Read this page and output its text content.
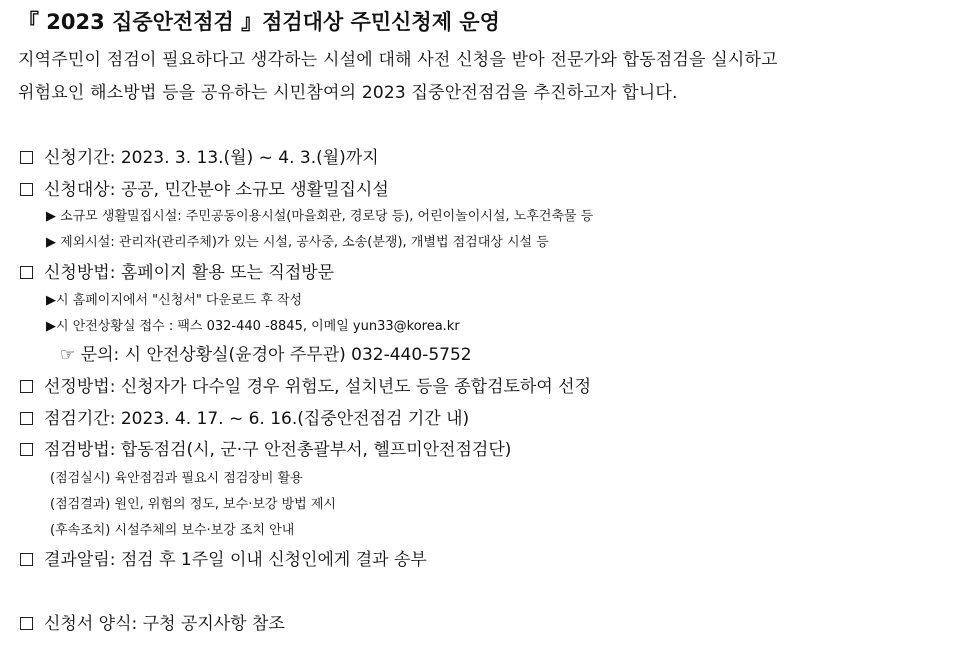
『 2023 집중안전점검 』점검대상 주민신청제 운영
지역주민이 점검이 필요하다고 생각하는 시설에 대해 사전 신청을 받아 전문가와 합동점검을 실시하고
위험요인 해소방법 등을 공유하는 시민참여의 2023 집중안전점검을 추진하고자 합니다.
신청기간: 2023. 3. 13.(월) ~ 4. 3.(월)까지
신청대상: 공공, 민간분야 소규모 생활밀집시설
▶ 소규모 생활밀집시설: 주민공동이용시설(마을회관, 경로당 등), 어린이놀이시설, 노후건축물 등
▶ 제외시설: 관리자(관리주체)가 있는 시설, 공사중, 소송(분쟁), 개별법 점검대상 시설 등
신청방법: 홈페이지 활용 또는 직접방문
▶시 홈페이지에서 "신청서" 다운로드 후 작성
▶시 안전상황실 접수 : 팩스 032-440 -8845, 이메일 yun33@korea.kr
☞ 문의: 시 안전상황실(윤경아 주무관) 032-440-5752
선정방법: 신청자가 다수일 경우 위험도, 설치년도 등을 종합검토하여 선정
점검기간: 2023. 4. 17. ~ 6. 16.(집중안전점검 기간 내)
점검방법: 합동점검(시, 군·구 안전총괄부서, 헬프미안전점검단)
(점검실시) 육안점검과 필요시 점검장비 활용
(점검결과) 원인, 위험의 정도, 보수·보강 방법 제시
(후속조치) 시설주체의 보수·보강 조치 안내
결과알림: 점검 후 1주일 이내 신청인에게 결과 송부
신청서 양식: 구청 공지사항 참조
